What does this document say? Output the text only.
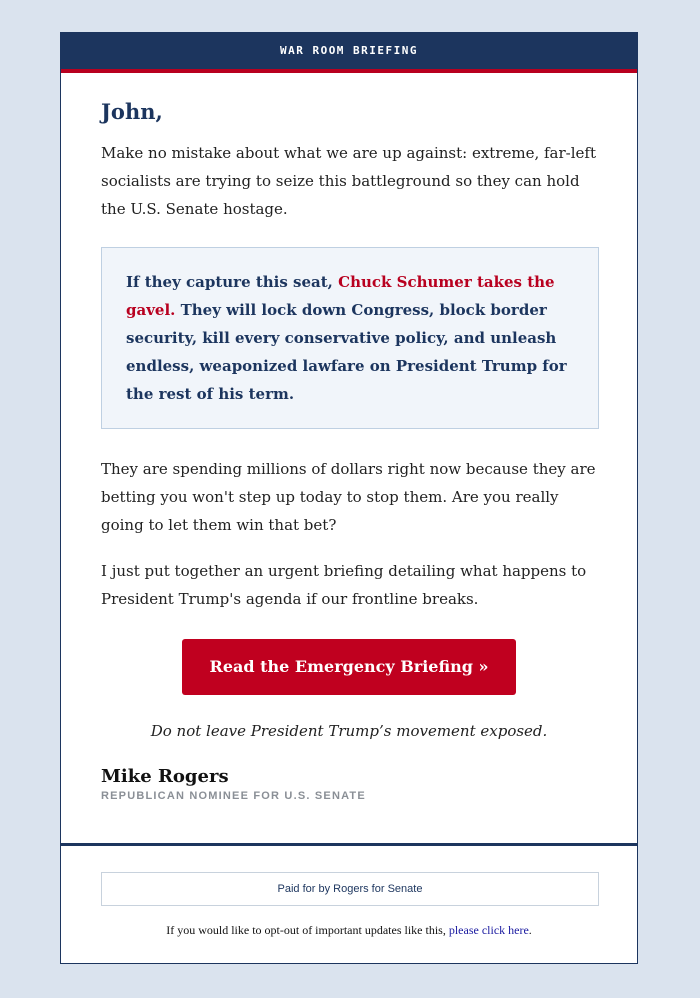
WAR ROOM BRIEFING
John,

Make no mistake about what we are up against: extreme, far-left socialists are trying to seize this battleground so they can hold the U.S. Senate hostage.

If they capture this seat, Chuck Schumer takes the gavel. They will lock down Congress, block border security, kill every conservative policy, and unleash endless, weaponized lawfare on President Trump for the rest of his term.

They are spending millions of dollars right now because they are betting you won't step up today to stop them. Are you really going to let them win that bet?

I just put together an urgent briefing detailing what happens to President Trump's agenda if our frontline breaks.

Read the Emergency Briefing »
Do not leave President Trump’s movement exposed.
Mike Rogers
REPUBLICAN NOMINEE FOR U.S. SENATE
Paid for by Rogers for Senate
If you would like to opt-out of important updates like this, please click here.
